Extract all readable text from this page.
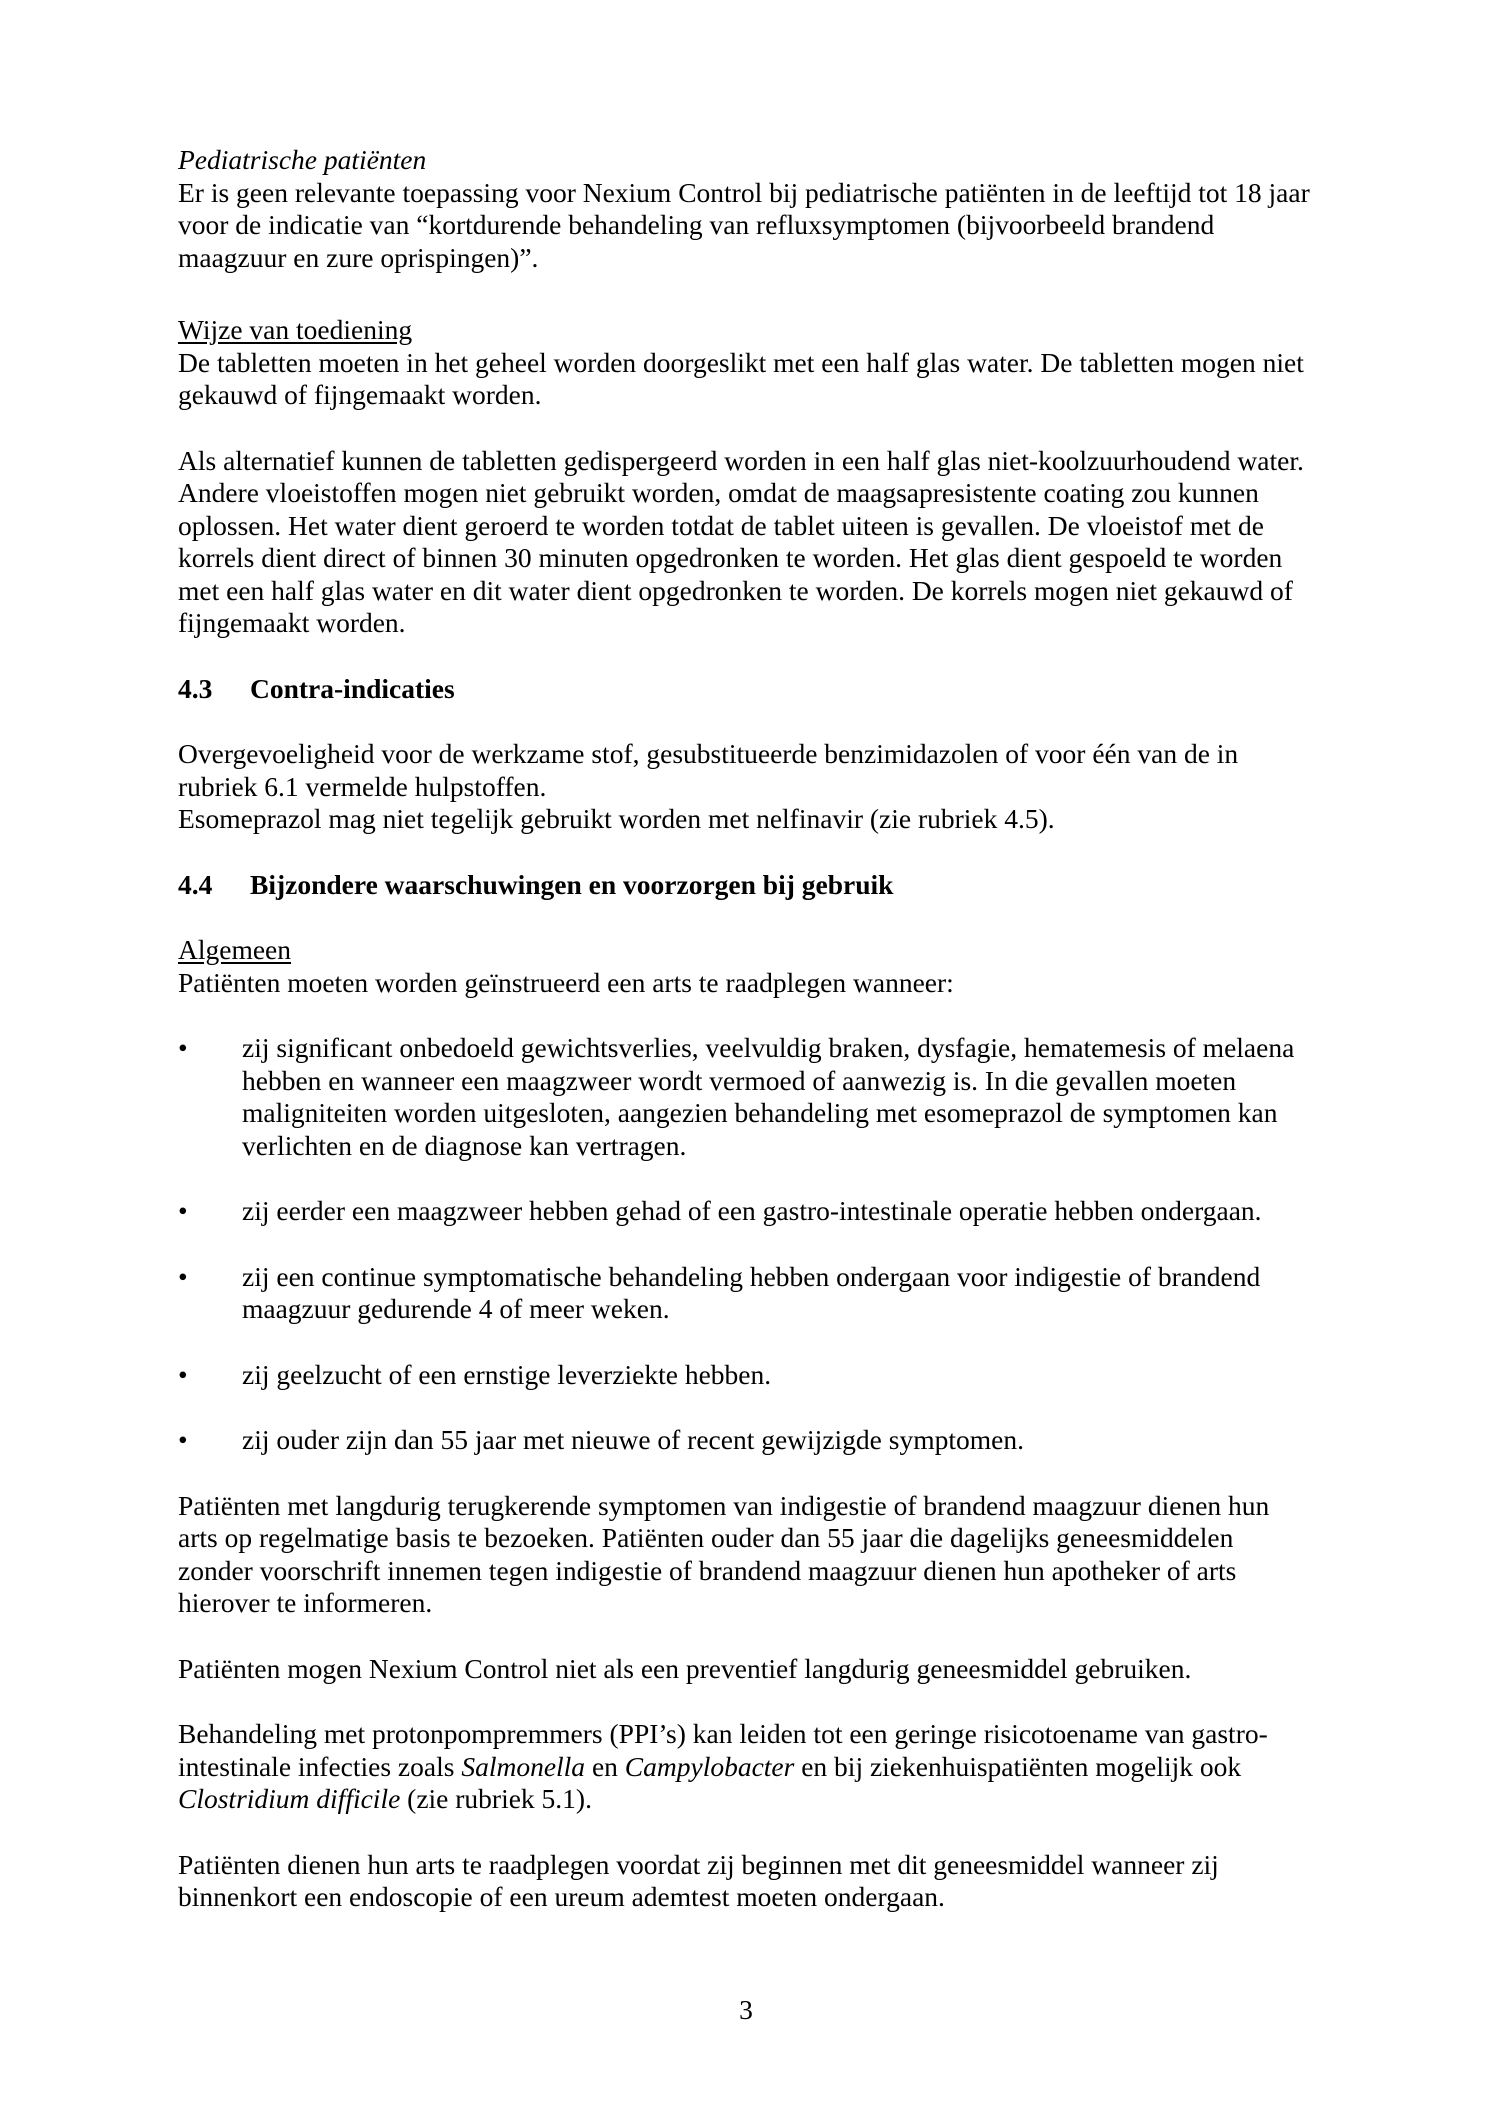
Pediatrische patiënten

Er is geen relevante toepassing voor Nexium Control bij pediatrische patiënten in de leeftijd tot 18 jaar voor de indicatie van “kortdurende behandeling van refluxsymptomen (bijvoorbeeld brandend maagzuur en zure oprispingen)”.

Wijze van toediening

De tabletten moeten in het geheel worden doorgeslikt met een half glas water. De tabletten mogen niet gekauwd of fijngemaakt worden.

Als alternatief kunnen de tabletten gedispergeerd worden in een half glas niet-koolzuurhoudend water. Andere vloeistoffen mogen niet gebruikt worden, omdat de maagsapresistente coating zou kunnen oplossen. Het water dient geroerd te worden totdat de tablet uiteen is gevallen. De vloeistof met de korrels dient direct of binnen 30 minuten opgedronken te worden. Het glas dient gespoeld te worden met een half glas water en dit water dient opgedronken te worden. De korrels mogen niet gekauwd of fijngemaakt worden.

4.3 Contra-indicaties

Overgevoeligheid voor de werkzame stof, gesubstitueerde benzimidazolen of voor één van de in rubriek 6.1 vermelde hulpstoffen.

Esomeprazol mag niet tegelijk gebruikt worden met nelfinavir (zie rubriek 4.5).

4.4 Bijzondere waarschuwingen en voorzorgen bij gebruik

Algemeen

Patiënten moeten worden geïnstrueerd een arts te raadplegen wanneer:

•	zij significant onbedoeld gewichtsverlies, veelvuldig braken, dysfagie, hematemesis of melaena hebben en wanneer een maagzweer wordt vermoed of aanwezig is. In die gevallen moeten maligniteiten worden uitgesloten, aangezien behandeling met esomeprazol de symptomen kan verlichten en de diagnose kan vertragen.
•	zij eerder een maagzweer hebben gehad of een gastro-intestinale operatie hebben ondergaan.
•	zij een continue symptomatische behandeling hebben ondergaan voor indigestie of brandend maagzuur gedurende 4 of meer weken.
•	zij geelzucht of een ernstige leverziekte hebben.
•	zij ouder zijn dan 55 jaar met nieuwe of recent gewijzigde symptomen.

Patiënten met langdurig terugkerende symptomen van indigestie of brandend maagzuur dienen hun arts op regelmatige basis te bezoeken. Patiënten ouder dan 55 jaar die dagelijks geneesmiddelen zonder voorschrift innemen tegen indigestie of brandend maagzuur dienen hun apotheker of arts hierover te informeren.

Patiënten mogen Nexium Control niet als een preventief langdurig geneesmiddel gebruiken.

Behandeling met protonpompremmers (PPI’s) kan leiden tot een geringe risicotoename van gastro-intestinale infecties zoals Salmonella en Campylobacter en bij ziekenhuispatiënten mogelijk ook Clostridium difficile (zie rubriek 5.1).

Patiënten dienen hun arts te raadplegen voordat zij beginnen met dit geneesmiddel wanneer zij binnenkort een endoscopie of een ureum ademtest moeten ondergaan.

3
